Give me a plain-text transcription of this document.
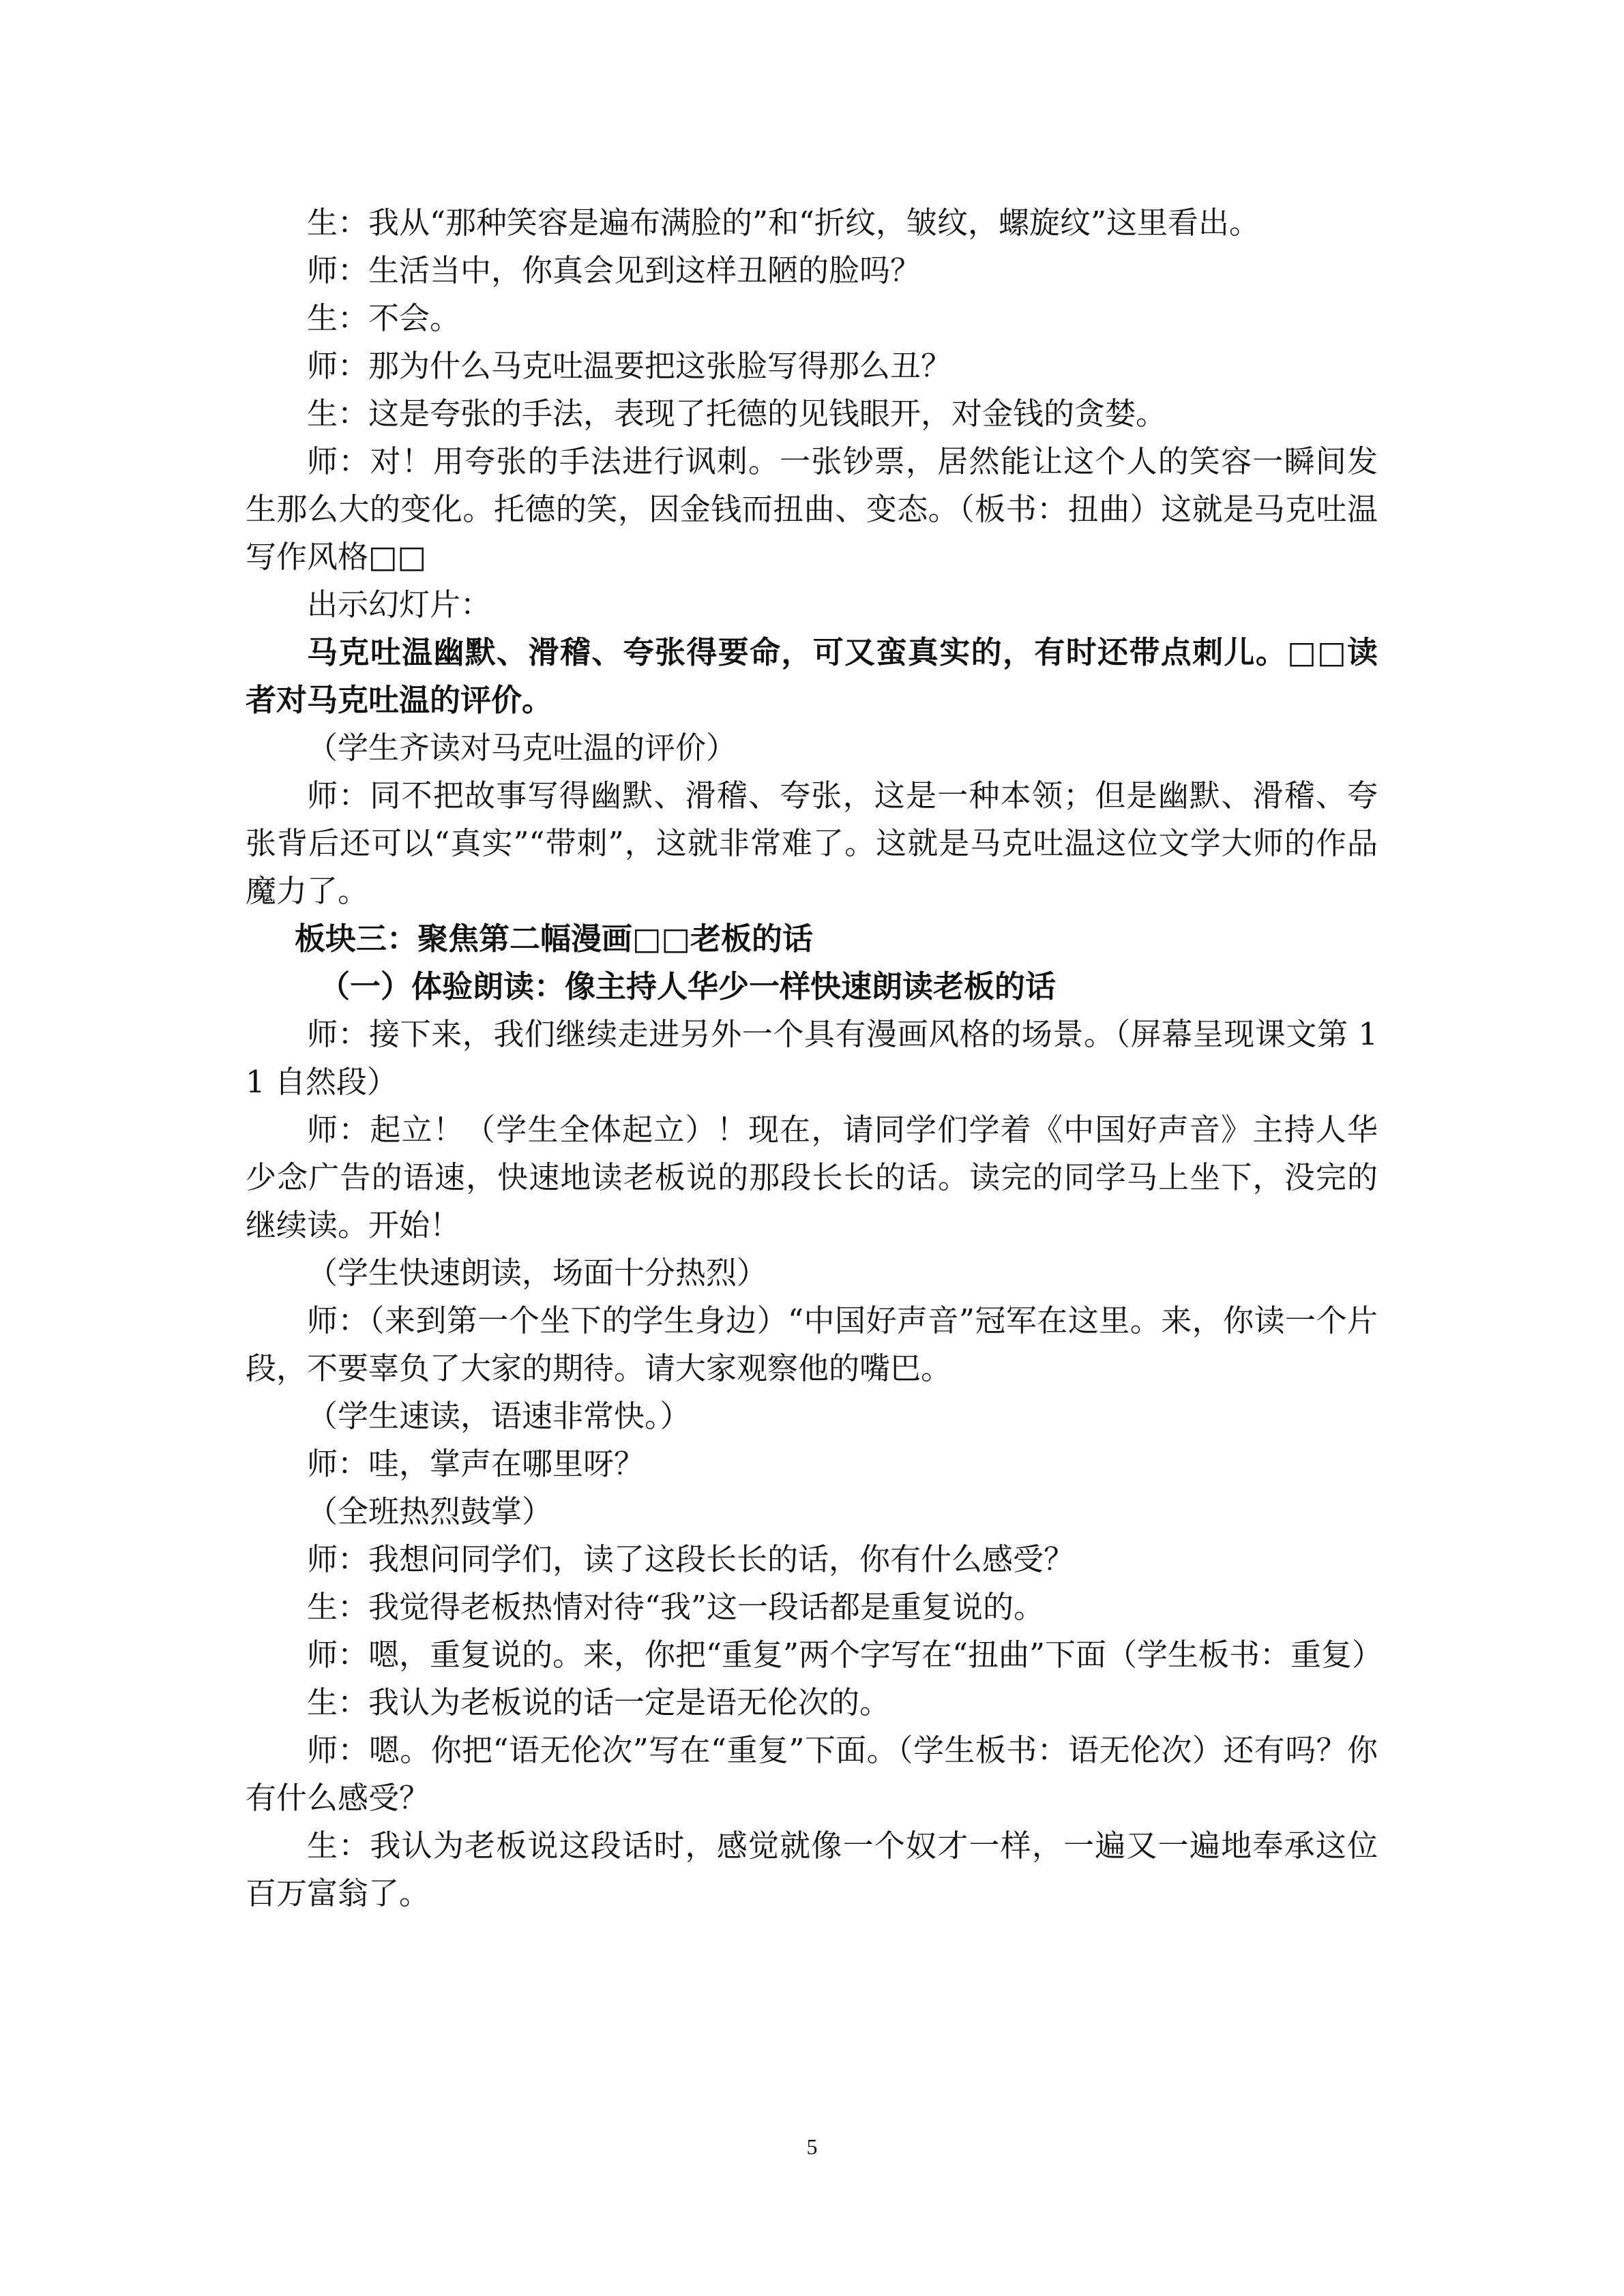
生：我从“那种笑容是遍布满脸的”和“折纹，皱纹，螺旋纹”这里看出。

师：生活当中，你真会见到这样丑陋的脸吗？

生：不会。

师：那为什么马克吐温要把这张脸写得那么丑？

生：这是夸张的手法，表现了托德的见钱眼开，对金钱的贪婪。

师：对！用夸张的手法进行讽刺。一张钞票，居然能让这个人的笑容一瞬间发生那么大的变化。托德的笑，因金钱而扭曲、变态。（板书：扭曲）这就是马克吐温写作风格□□

出示幻灯片：

马克吐温幽默、滑稽、夸张得要命，可又蛮真实的，有时还带点刺儿。□□读者对马克吐温的评价。

（学生齐读对马克吐温的评价）

师：同不把故事写得幽默、滑稽、夸张，这是一种本领；但是幽默、滑稽、夸张背后还可以“真实”“带刺”，这就非常难了。这就是马克吐温这位文学大师的作品魔力了。

板块三：聚焦第二幅漫画□□老板的话

（一）体验朗读：像主持人华少一样快速朗读老板的话

师：接下来，我们继续走进另外一个具有漫画风格的场景。（屏幕呈现课文第 11 自然段）

师：起立！（学生全体起立）！现在，请同学们学着《中国好声音》主持人华少念广告的语速，快速地读老板说的那段长长的话。读完的同学马上坐下，没完的继续读。开始！

（学生快速朗读，场面十分热烈）

师：（来到第一个坐下的学生身边）“中国好声音”冠军在这里。来，你读一个片段，不要辜负了大家的期待。请大家观察他的嘴巴。

（学生速读，语速非常快。）

师：哇，掌声在哪里呀？

（全班热烈鼓掌）

师：我想问同学们，读了这段长长的话，你有什么感受？

生：我觉得老板热情对待“我”这一段话都是重复说的。

师：嗯，重复说的。来，你把“重复”两个字写在“扭曲”下面（学生板书：重复）

生：我认为老板说的话一定是语无伦次的。

师：嗯。你把“语无伦次”写在“重复”下面。（学生板书：语无伦次）还有吗？你有什么感受？

生：我认为老板说这段话时，感觉就像一个奴才一样，一遍又一遍地奉承这位百万富翁了。

5
